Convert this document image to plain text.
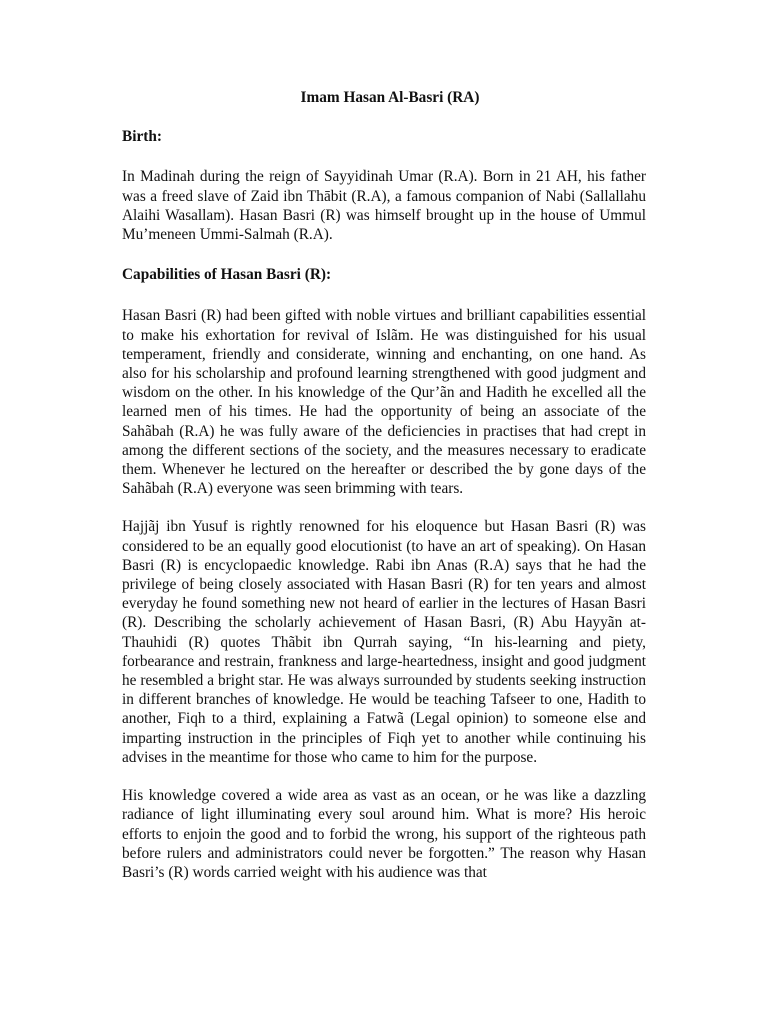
Imam Hasan Al-Basri (RA)
Birth:

In Madinah during the reign of Sayyidinah Umar (R.A). Born in 21 AH, his father was a freed slave of Zaid ibn Thābit (R.A), a famous companion of Nabi (Sallallahu Alaihi Wasallam). Hasan Basri (R) was himself brought up in the house of Ummul Mu’meneen Ummi-Salmah (R.A).

Capabilities of Hasan Basri (R):

Hasan Basri (R) had been gifted with noble virtues and brilliant capabilities essential to make his exhortation for revival of Islãm. He was distinguished for his usual temperament, friendly and considerate, winning and enchanting, on one hand. As also for his scholarship and profound learning strengthened with good judgment and wisdom on the other. In his knowledge of the Qur’ãn and Hadith he excelled all the learned men of his times. He had the opportunity of being an associate of the Sahãbah (R.A) he was fully aware of the deficiencies in practises that had crept in among the different sections of the society, and the measures necessary to eradicate them. Whenever he lectured on the hereafter or described the by gone days of the Sahãbah (R.A) everyone was seen brimming with tears.

Hajjãj ibn Yusuf is rightly renowned for his eloquence but Hasan Basri (R) was considered to be an equally good elocutionist (to have an art of speaking). On Hasan Basri (R) is encyclopaedic knowledge. Rabi ibn Anas (R.A) says that he had the privilege of being closely associated with Hasan Basri (R) for ten years and almost everyday he found something new not heard of earlier in the lectures of Hasan Basri (R). Describing the scholarly achievement of Hasan Basri, (R) Abu Hayyãn at-Thauhidi (R) quotes Thãbit ibn Qurrah saying, “In his-learning and piety, forbearance and restrain, frankness and large-heartedness, insight and good judgment he resembled a bright star. He was always surrounded by students seeking instruction in different branches of knowledge. He would be teaching Tafseer to one, Hadith to another, Fiqh to a third, explaining a Fatwã (Legal opinion) to someone else and imparting instruction in the principles of Fiqh yet to another while continuing his advises in the meantime for those who came to him for the purpose.

His knowledge covered a wide area as vast as an ocean, or he was like a dazzling radiance of light illuminating every soul around him. What is more? His heroic efforts to enjoin the good and to forbid the wrong, his support of the righteous path before rulers and administrators could never be forgotten.” The reason why Hasan Basri’s (R) words carried weight with his audience was that
